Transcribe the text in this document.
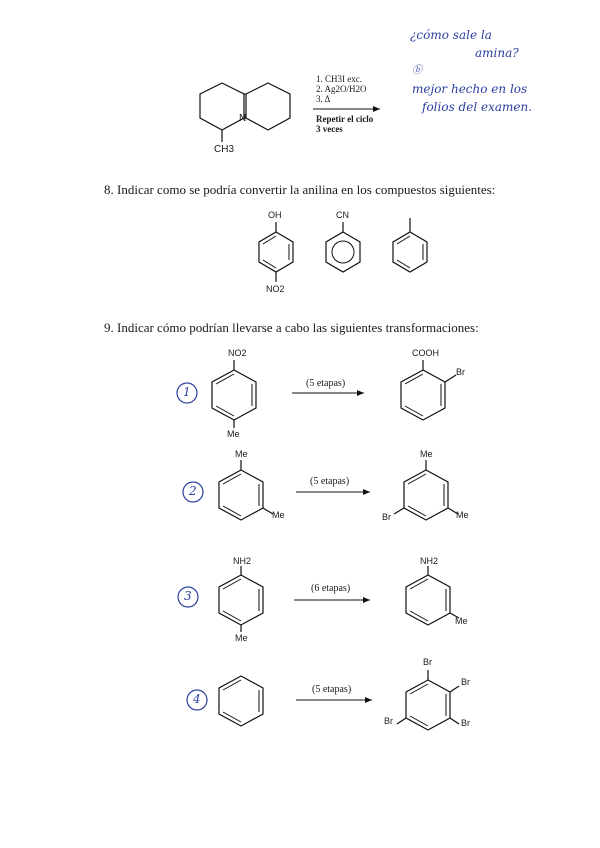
N
CH3
1. CH3I exc.
2. Ag2O/H2O
3. Δ
Repetir el ciclo
3 veces
¿cómo sale la
amina?
ⓑ
mejor hecho en los
folios del examen.
8. Indicar como se podría convertir la anilina en los compuestos siguientes:
OH
NO2
CN
9. Indicar cómo podrían llevarse a cabo las siguientes transformaciones:
1
2
3
4
NO2
Me
(5 etapas)
COOH
Br
Me
Me
(5 etapas)
Me
Br	Me
NH2
Me
(6 etapas)
NH2
Me
(5 etapas)
Br
Br
Br
Br
